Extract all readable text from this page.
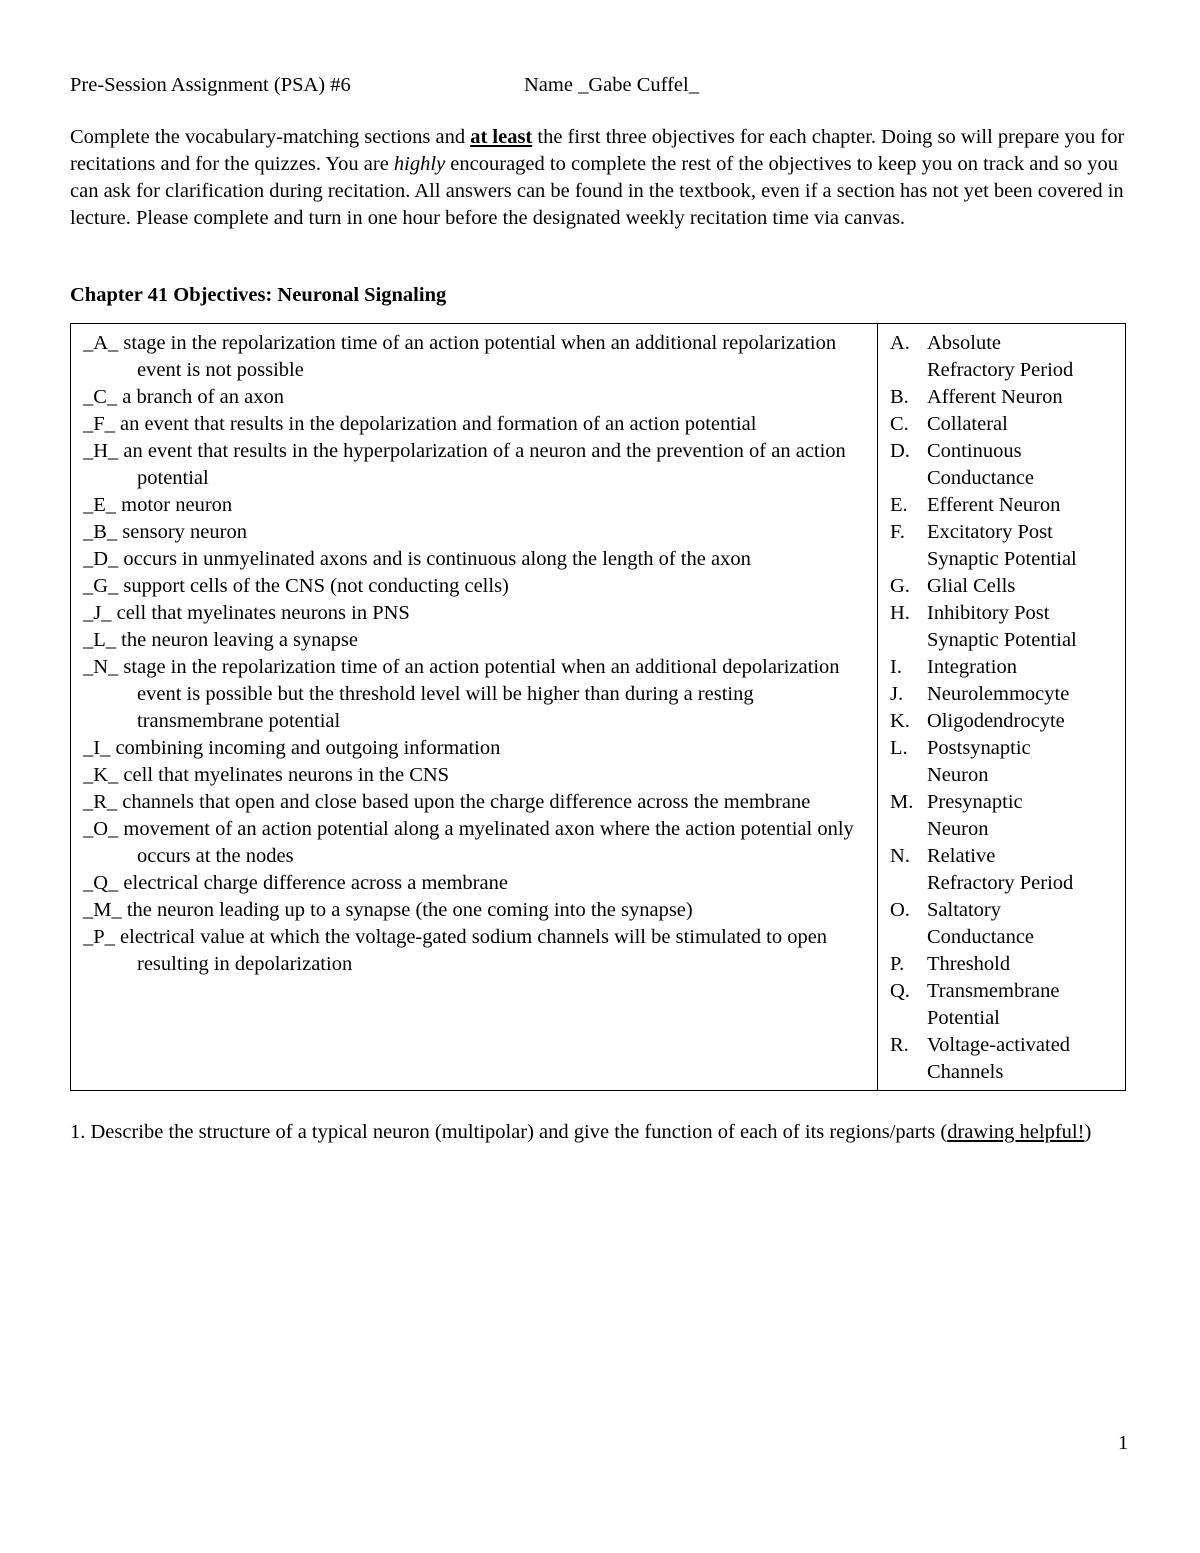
Pre-Session Assignment (PSA) #6	Name _Gabe Cuffel_
Complete the vocabulary-matching sections and at least the first three objectives for each chapter. Doing so will prepare you for recitations and for the quizzes. You are highly encouraged to complete the rest of the objectives to keep you on track and so you can ask for clarification during recitation. All answers can be found in the textbook, even if a section has not yet been covered in lecture. Please complete and turn in one hour before the designated weekly recitation time via canvas.
Chapter 41 Objectives: Neuronal Signaling
_A_ stage in the repolarization time of an action potential when an additional repolarization event is not possible
_C_ a branch of an axon
_F_ an event that results in the depolarization and formation of an action potential
_H_ an event that results in the hyperpolarization of a neuron and the prevention of an action potential
_E_ motor neuron
_B_ sensory neuron
_D_ occurs in unmyelinated axons and is continuous along the length of the axon
_G_ support cells of the CNS (not conducting cells)
_J_ cell that myelinates neurons in PNS
_L_ the neuron leaving a synapse
_N_ stage in the repolarization time of an action potential when an additional depolarization event is possible but the threshold level will be higher than during a resting transmembrane potential
_I_ combining incoming and outgoing information
_K_ cell that myelinates neurons in the CNS
_R_ channels that open and close based upon the charge difference across the membrane
_O_ movement of an action potential along a myelinated axon where the action potential only occurs at the nodes
_Q_ electrical charge difference across a membrane
_M_ the neuron leading up to a synapse (the one coming into the synapse)
_P_ electrical value at which the voltage-gated sodium channels will be stimulated to open resulting in depolarization

A. Absolute
Refractory Period
B. Afferent Neuron
C. Collateral
D. Continuous
Conductance
E. Efferent Neuron
F.	Excitatory Post
Synaptic Potential
G. Glial Cells
H. Inhibitory Post
Synaptic Potential
I.	Integration
J.	Neurolemmocyte
K. Oligodendrocyte
L. Postsynaptic
Neuron
M. Presynaptic
Neuron
N. Relative
Refractory Period
O. Saltatory
Conductance
P.	Threshold
Q. Transmembrane
Potential
R. Voltage-activated
Channels
1. Describe the structure of a typical neuron (multipolar) and give the function of each of its regions/parts (drawing helpful!)
1
